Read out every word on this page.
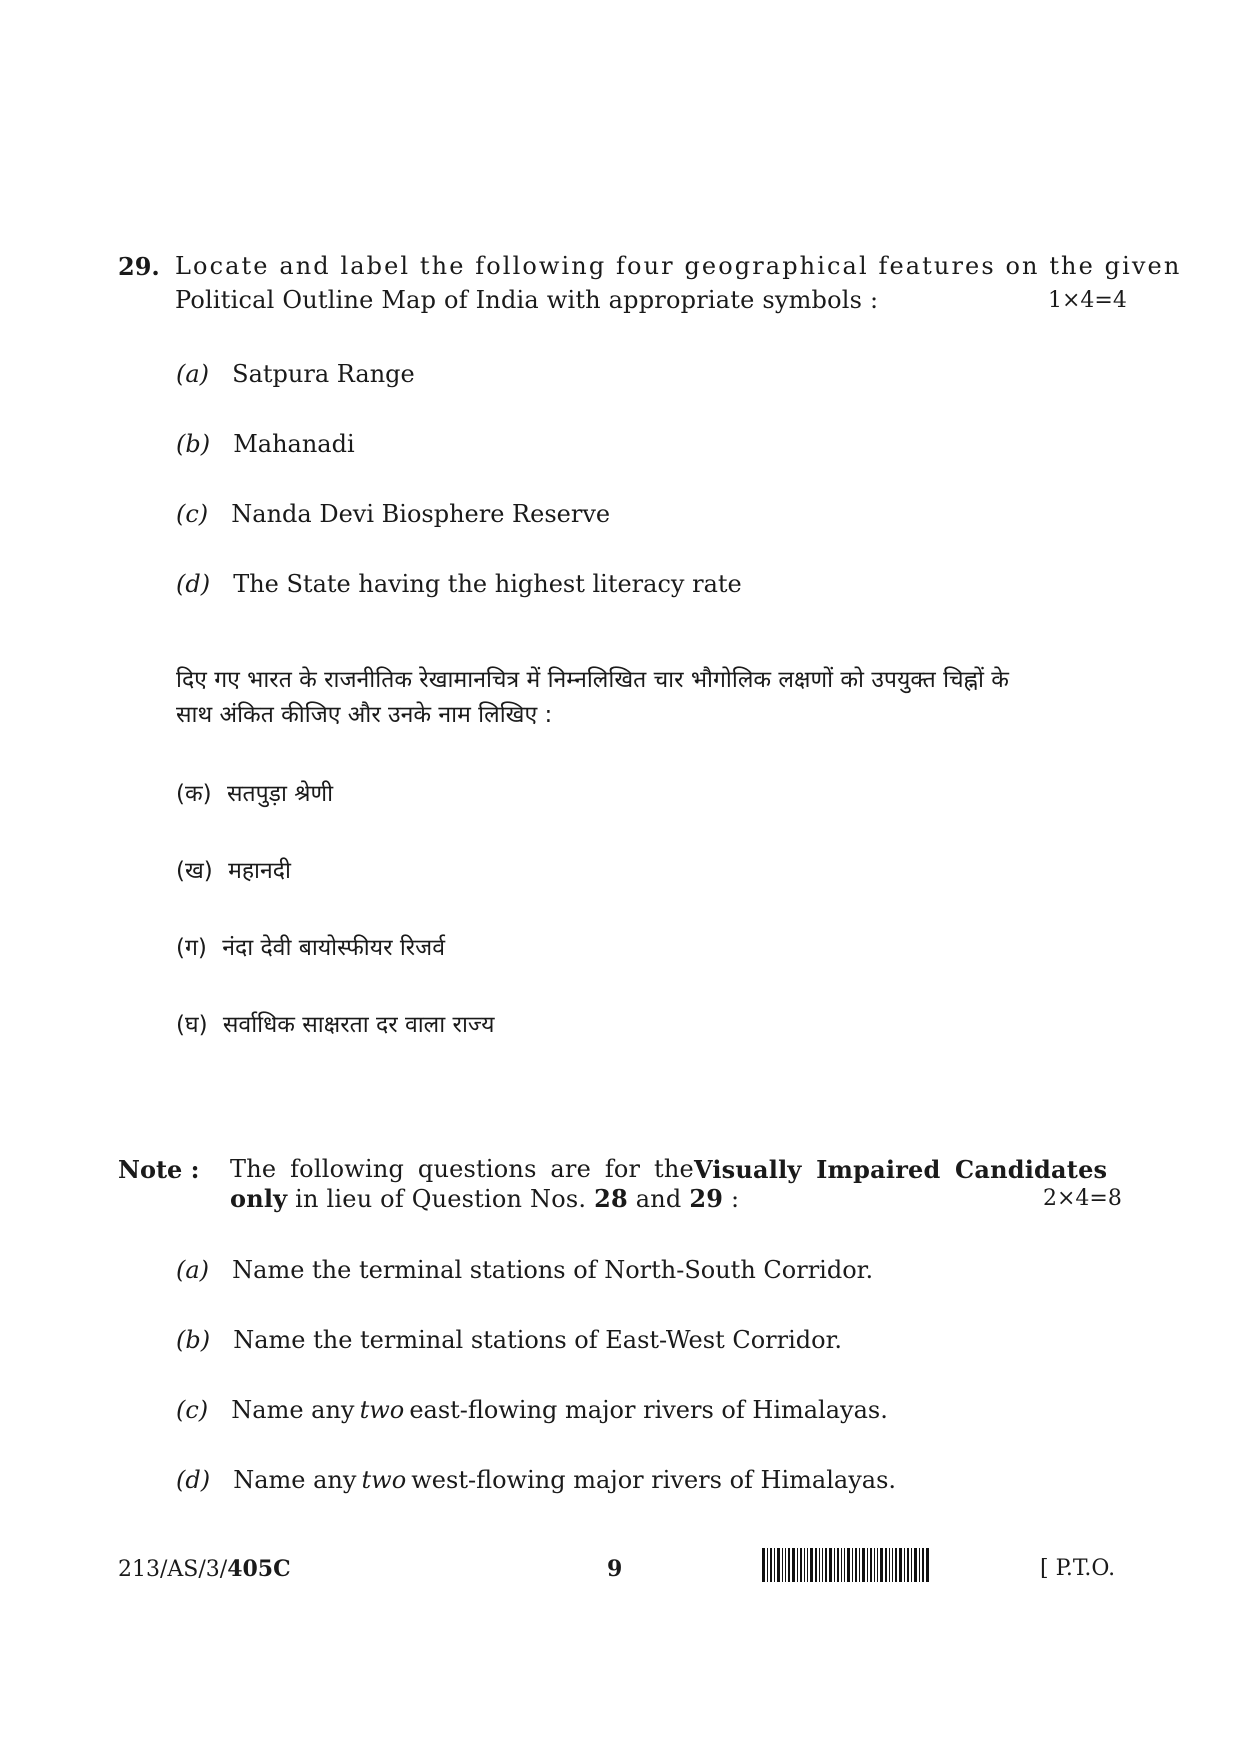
29. Locate and label the following four geographical features on the given
Political Outline Map of India with appropriate symbols :	1×4=4
(a) Satpura Range
(b) Mahanadi
(c) Nanda Devi Biosphere Reserve
(d) The State having the highest literacy rate
दिए गए भारत के राजनीतिक रेखामानचित्र में निम्नलिखित चार भौगोलिक लक्षणों को उपयुक्त चिह्नों के
साथ अंकित कीजिए और उनके नाम लिखिए :
(क) सतपुड़ा श्रेणी
(ख) महानदी
(ग) नंदा देवी बायोस्फीयर रिजर्व
(घ) सर्वाधिक साक्षरता दर वाला राज्य
Note : The following questions are for the Visually Impaired Candidates
only in lieu of Question Nos. 28 and 29 :	2×4=8
(a) Name the terminal stations of North-South Corridor.
(b) Name the terminal stations of East-West Corridor.
(c) Name any two east-flowing major rivers of Himalayas.
(d) Name any two west-flowing major rivers of Himalayas.
213/AS/3/405C	9	[ P.T.O.
